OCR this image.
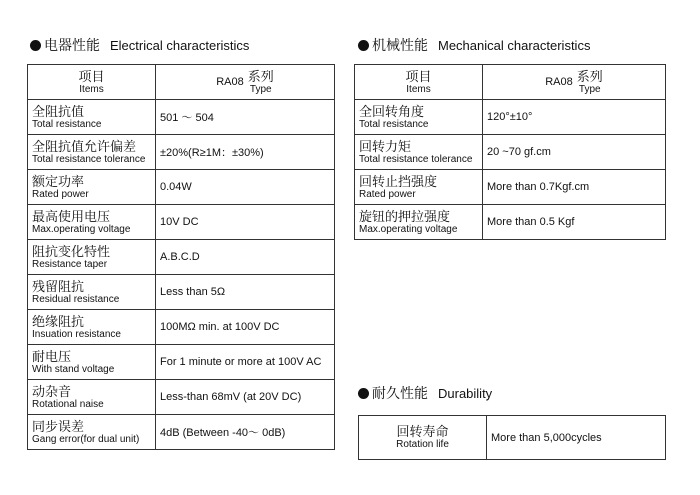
电器性能 Electrical characteristics
项目
Items	RA08 系列
Type

全阻抗值
Total resistance	501 ～ 504

全阻抗值允许偏差
Total resistance tolerance	±20%(R≥1M：±30%)

额定功率
Rated power	0.04W

最高使用电压
Max.operating voltage	10V DC

阻抗变化特性
Resistance taper	A.B.C.D

残留阻抗
Residual resistance	Less than 5Ω

绝缘阻抗
Insuation resistance	100MΩ min. at 100V DC

耐电压
With stand voltage	For 1 minute or more at 100V AC

动杂音
Rotational naise	Less-than 68mV (at 20V DC)

同步误差
Gang error(for dual unit)	4dB (Between -40～ 0dB)
机械性能 Mechanical characteristics
项目
Items	RA08 系列
Type

全回转角度
Total resistance	120°±10°

回转力矩
Total resistance tolerance	20 ~70 gf.cm

回转止挡强度
Rated power	More than 0.7Kgf.cm

旋钮的押拉强度
Max.operating voltage	More than 0.5 Kgf
耐久性能 Durability
回转寿命
Rotation life
	More than 5,000cycles
